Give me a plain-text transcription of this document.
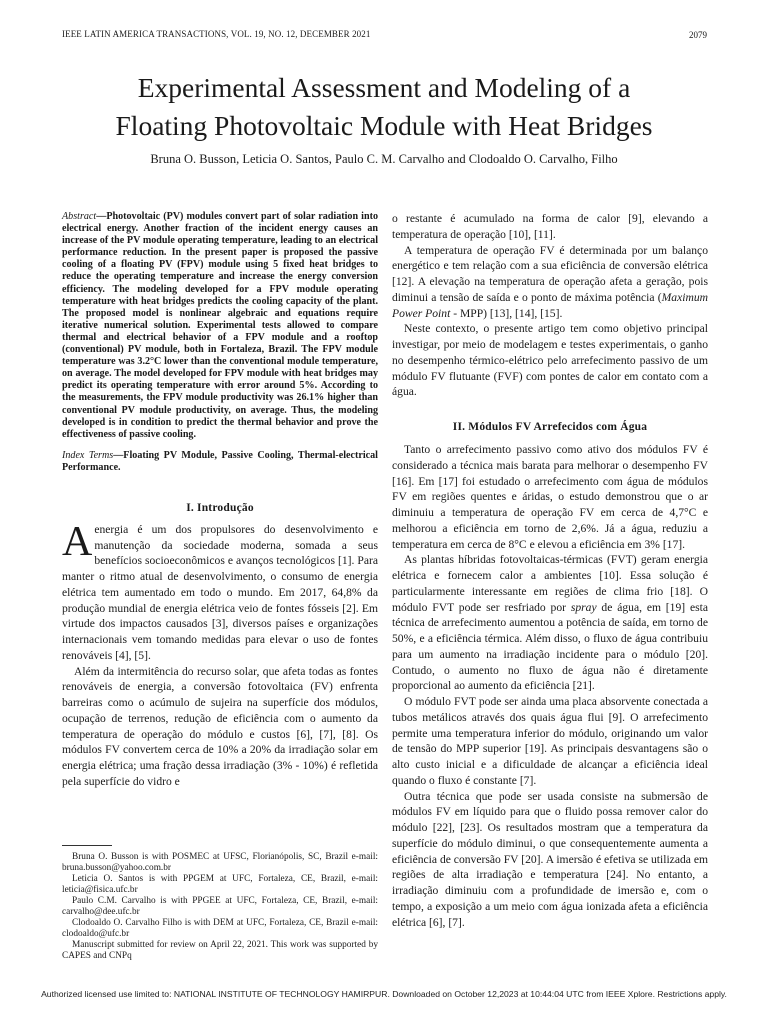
IEEE LATIN AMERICA TRANSACTIONS, VOL. 19, NO. 12, DECEMBER 2021	2079
Experimental Assessment and Modeling of a
Floating Photovoltaic Module with Heat Bridges
Bruna O. Busson, Leticia O. Santos, Paulo C. M. Carvalho and Clodoaldo O. Carvalho, Filho

Abstract—Photovoltaic (PV) modules convert part of solar radiation into electrical energy. Another fraction of the incident energy causes an increase of the PV module operating temperature, leading to an electrical performance reduction. In the present paper is proposed the passive cooling of a floating PV (FPV) module using 5 fixed heat bridges to reduce the operating temperature and increase the energy conversion efficiency. The modeling developed for a FPV module operating temperature with heat bridges predicts the cooling capacity of the plant. The proposed model is nonlinear algebraic and equations require iterative numerical solution. Experimental tests allowed to compare thermal and electrical behavior of a FPV module and a rooftop (conventional) PV module, both in Fortaleza, Brazil. The FPV module temperature was 3.2°C lower than the conventional module temperature, on average. The model developed for FPV module with heat bridges may predict its operating temperature with error around 5%. According to the measurements, the FPV module productivity was 26.1% higher than conventional PV module productivity, on average. Thus, the modeling developed is in condition to predict the thermal behavior and prove the effectiveness of passive cooling.

Index Terms—Floating PV Module, Passive Cooling, Thermal-electrical Performance.

I. Introdução

Aenergia é um dos propulsores do desenvolvimento e manutenção da sociedade moderna, somada a seus benefícios socioeconômicos e avanços tecnológicos [1]. Para manter o ritmo atual de desenvolvimento, o consumo de energia elétrica tem aumentado em todo o mundo. Em 2017, 64,8% da produção mundial de energia elétrica veio de fontes fósseis [2]. Em virtude dos impactos causados [3], diversos países e organizações internacionais vem tomando medidas para elevar o uso de fontes renováveis [4], [5].

Além da intermitência do recurso solar, que afeta todas as fontes renováveis de energia, a conversão fotovoltaica (FV) enfrenta barreiras como o acúmulo de sujeira na superfície dos módulos, ocupação de terrenos, redução de eficiência com o aumento da temperatura de operação do módulo e custos [6], [7], [8]. Os módulos FV convertem cerca de 10% a 20% da irradiação solar em energia elétrica; uma fração dessa irradiação (3% - 10%) é refletida pela superfície do vidro e

o restante é acumulado na forma de calor [9], elevando a temperatura de operação [10], [11].

A temperatura de operação FV é determinada por um balanço energético e tem relação com a sua eficiência de conversão elétrica [12]. A elevação na temperatura de operação afeta a geração, pois diminui a tensão de saída e o ponto de máxima potência (Maximum Power Point - MPP) [13], [14], [15].

Neste contexto, o presente artigo tem como objetivo principal investigar, por meio de modelagem e testes experimentais, o ganho no desempenho térmico-elétrico pelo arrefecimento passivo de um módulo FV flutuante (FVF) com pontes de calor em contato com a água.

II. Módulos FV Arrefecidos com Água

Tanto o arrefecimento passivo como ativo dos módulos FV é considerado a técnica mais barata para melhorar o desempenho FV [16]. Em [17] foi estudado o arrefecimento com água de módulos FV em regiões quentes e áridas, o estudo demonstrou que o ar diminuiu a temperatura de operação FV em cerca de 4,7°C e melhorou a eficiência em torno de 2,6%. Já a água, reduziu a temperatura em cerca de 8°C e elevou a eficiência em 3% [17].

As plantas híbridas fotovoltaicas-térmicas (FVT) geram energia elétrica e fornecem calor a ambientes [10]. Essa solução é particularmente interessante em regiões de clima frio [18]. O módulo FVT pode ser resfriado por spray de água, em [19] esta técnica de arrefecimento aumentou a potência de saída, em torno de 50%, e a eficiência térmica. Além disso, o fluxo de água contribuiu para um aumento na irradiação incidente para o módulo [20]. Contudo, o aumento no fluxo de água não é diretamente proporcional ao aumento da eficiência [21].

O módulo FVT pode ser ainda uma placa absorvente conectada a tubos metálicos através dos quais água flui [9]. O arrefecimento permite uma temperatura inferior do módulo, originando um valor de tensão do MPP superior [19]. As principais desvantagens são o alto custo inicial e a dificuldade de alcançar a eficiência ideal quando o fluxo é constante [7].

Outra técnica que pode ser usada consiste na submersão de módulos FV em líquido para que o fluido possa remover calor do módulo [22], [23]. Os resultados mostram que a temperatura da superfície do módulo diminui, o que consequentemente aumenta a eficiência de conversão FV [20]. A imersão é efetiva se utilizada em regiões de alta irradiação e temperatura [24]. No entanto, a irradiação diminuiu com a profundidade de imersão e, com o tempo, a exposição a um meio com água ionizada afeta a eficiência elétrica [6], [7].

Bruna O. Busson is with POSMEC at UFSC, Florianópolis, SC, Brazil e-mail: bruna.busson@yahoo.com.br

Leticia O. Santos is with PPGEM at UFC, Fortaleza, CE, Brazil, e-mail: leticia@fisica.ufc.br

Paulo C.M. Carvalho is with PPGEE at UFC, Fortaleza, CE, Brazil, e-mail: carvalho@dee.ufc.br

Clodoaldo O. Carvalho Filho is with DEM at UFC, Fortaleza, CE, Brazil e-mail: clodoaldo@ufc.br

Manuscript submitted for review on April 22, 2021. This work was supported by CAPES and CNPq

Authorized licensed use limited to: NATIONAL INSTITUTE OF TECHNOLOGY HAMIRPUR. Downloaded on October 12,2023 at 10:44:04 UTC from IEEE Xplore. Restrictions apply.
